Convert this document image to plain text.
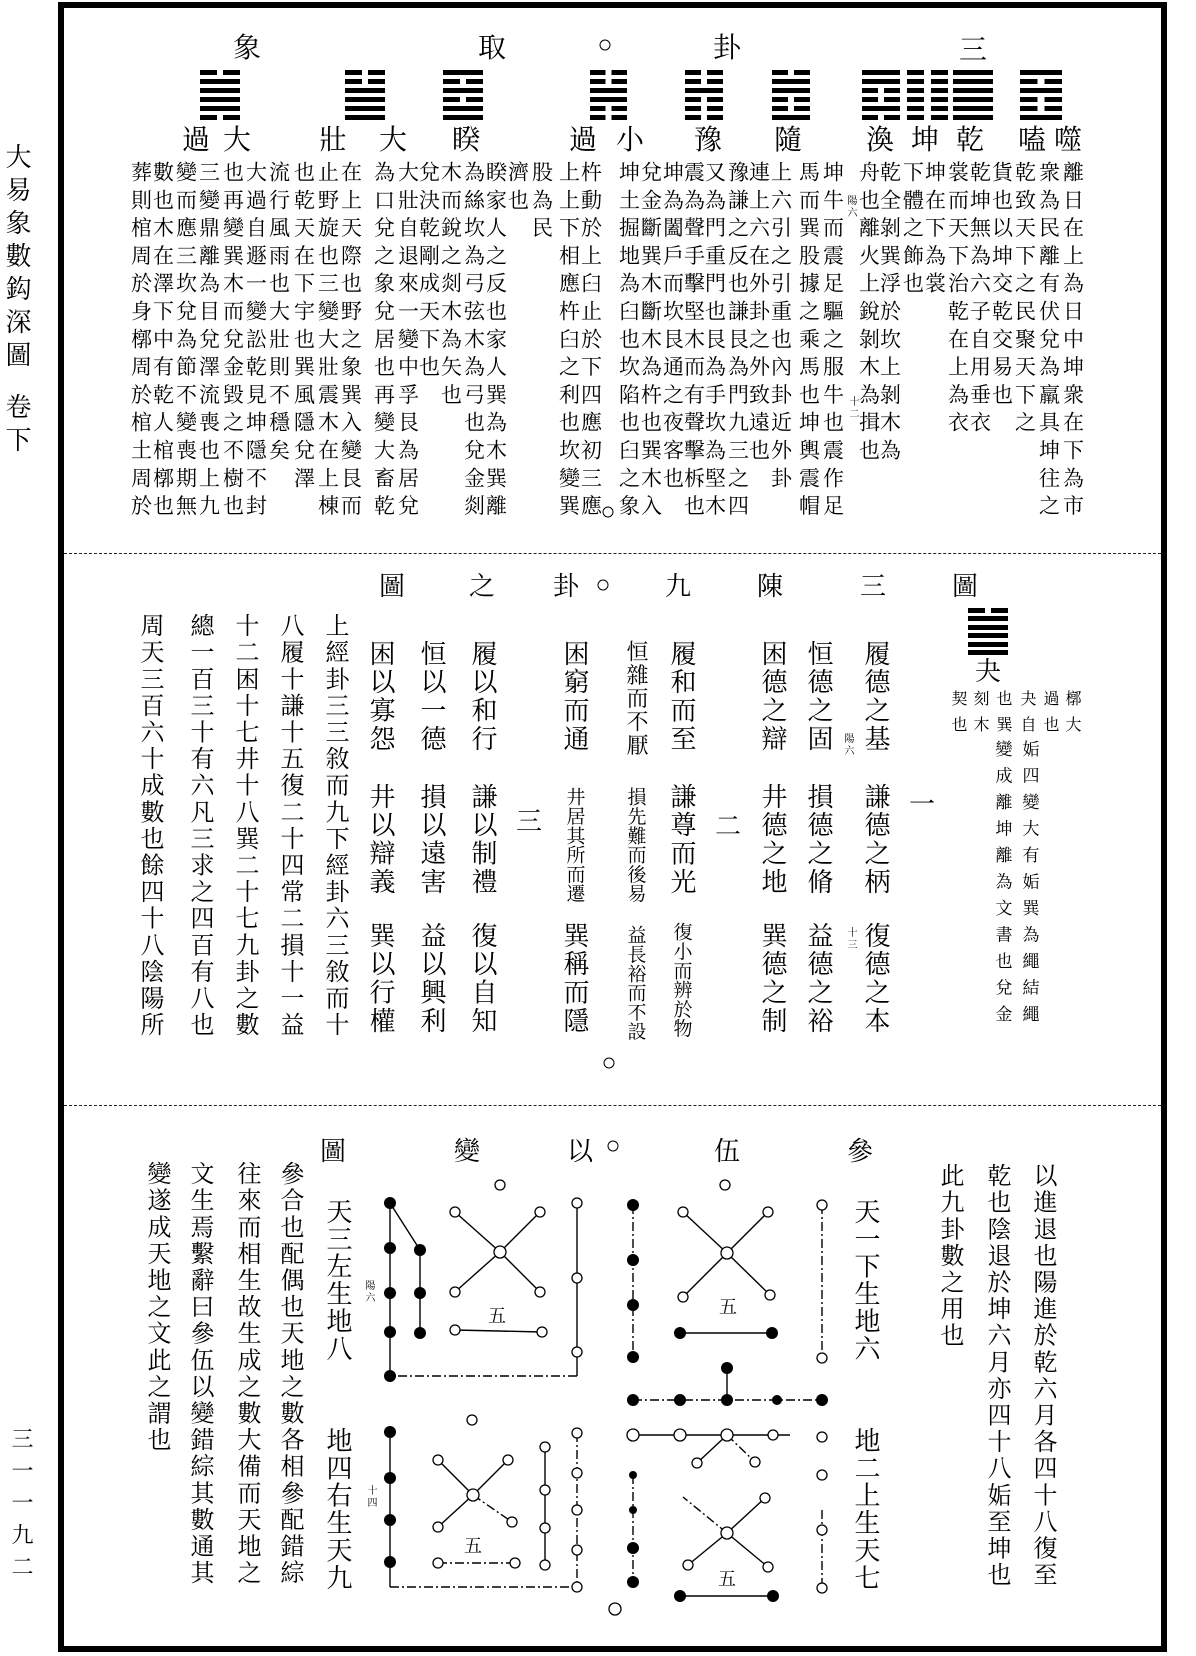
大易象數鈎深圖
卷下
三一一九二
三
卦
取
象
噬
嗑
乾
坤
渙
隨
豫
小
過
睽
大
壯
大
過
離日在上為日中坤衆在下為市
衆為民離有伏兌為羸具坤往之
乾致天下之民聚天下之
貨也以坤交乾交易也
乾坤無為六子自用垂衣
裳而天下治乾在上為衣
坤在下為裳
下體之飾也
乾全剝巽浮於坎上剝木為
舟也離火上銳剝木為揖也
坤牛而震足驅之服牛也震作足
馬而巽股據之乘馬也坤輿震帽
上六引之引重也內卦近外卦
連上六在外卦之外致遠也
豫謙之反也謙艮為門九三之四
又為門重門也艮為手坎為堅木
震為聲手擊堅木而有聲擊柝也
坤為闔戶而坎艮通之夜客也
兌金斷巽木斷木為杵也巽木入
坤土掘地為臼也坎陷也臼之象
杵動於上臼止於下四應初三應
上上下相應杵臼之利也坎變巽
股為民
濟也
睽家人之反也家人巽為木巽離
為絲坎為弓弦木為弓也兌金剡
木而銳之剡木為矢也
兌決乾剛成天下也
大壯自退來一變中孚艮為居兌
為口兌之象兌居也再變大畜乾
在上天際也野之象巽入變艮而
止野旋也三變大壯震木在上棟
也乾天在下宇也巽風隱兌澤
流行風雨也大壯則不穩矣
大過自遯一變訟乾見坤隱不封
也再變巽木而兌金毀之不樹也
三變鼎離為目兌澤流喪也上九
變而應三坎兌為節不變喪期無
數也木在澤下中有乾人棺槨也
葬則棺周於身槨周於棺土周於	陽六
十二
圖
夬
槨大
過也
夬自
也巽
刻木
契也
姤四變大有姤巽為繩結繩
變成離坤離為文書也兌金
三
陳
九
卦
之
圖
一
履德之基
謙德之柄
復德之本
恒德之固
損德之脩
益德之裕
困德之辯
井德之地
巽德之制
陽六
十三
二
履和而至
謙尊而光
復小而辨於物
恒雜而不厭
損先難而後易
益長裕而不設
困窮而通
井居其所而遷
巽稱而隱
三
履以和行
謙以制禮
復以自知
恒以一德
損以遠害
益以興利
困以寡怨
井以辯義
巽以行權
上經卦三三敘而九下經卦六三敘而十
八履十謙十五復二十四常二損十一益
十二困十七井十八巽二十七九卦之數
總一百三十有六凡三求之四百有八也
周天三百六十成數也餘四十八陰陽所
參
伍
以
變
圖
以進退也陽進於乾六月各四十八復至
乾也陰退於坤六月亦四十八姤至坤也
此九卦數之用也
天一下生地六
地二上生天七
天三左生地八
地四右生天九
陽六
十四
參合也配偶也天地之數各相參配錯綜
往來而相生故生成之數大備而天地之
文生焉繫辭曰參伍以變錯綜其數通其
變遂成天地之文此之謂也	五
五
五
五
